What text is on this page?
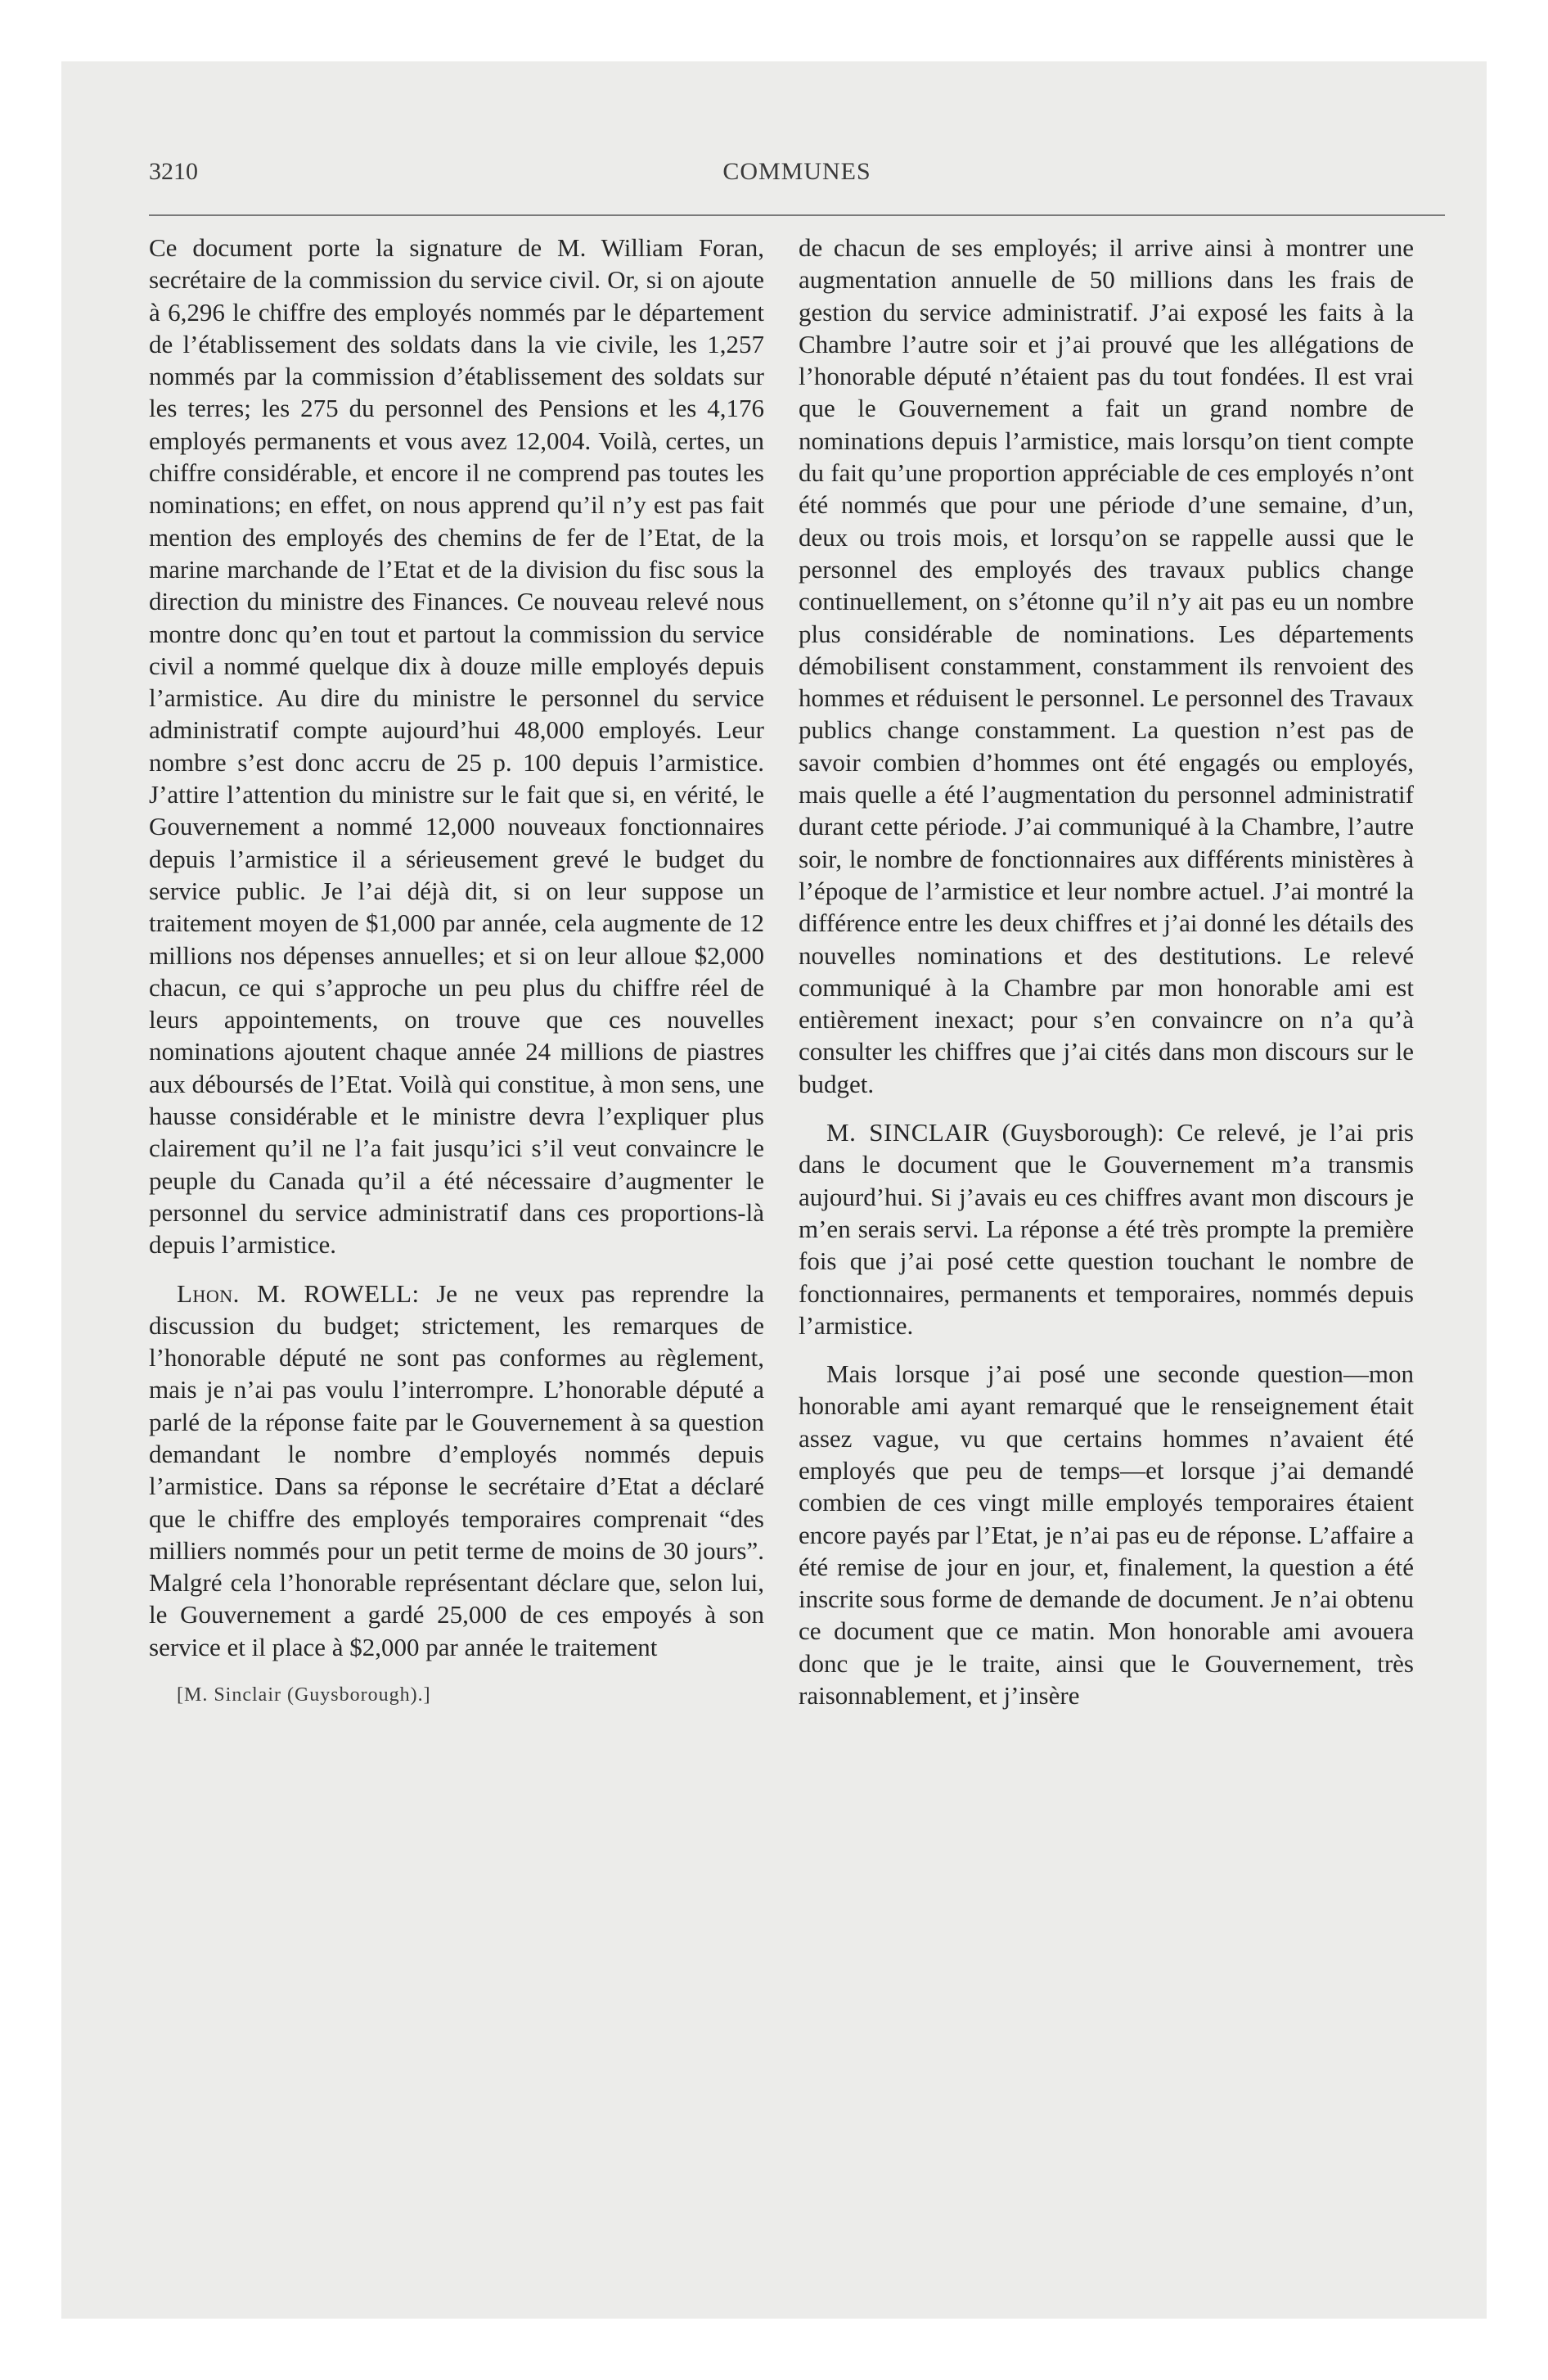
3210	COMMUNES

Ce document porte la signature de M. William Foran, secrétaire de la commission du service civil. Or, si on ajoute à 6,296 le chiffre des employés nommés par le département de l’établissement des soldats dans la vie civile, les 1,257 nommés par la commission d’établissement des soldats sur les terres; les 275 du personnel des Pensions et les 4,176 employés permanents et vous avez 12,004. Voilà, certes, un chiffre considérable, et encore il ne comprend pas toutes les nominations; en effet, on nous apprend qu’il n’y est pas fait mention des employés des chemins de fer de l’Etat, de la marine marchande de l’Etat et de la division du fisc sous la direction du ministre des Finances. Ce nouveau relevé nous montre donc qu’en tout et partout la commission du service civil a nommé quelque dix à douze mille employés depuis l’armistice. Au dire du ministre le personnel du service administratif compte aujourd’hui 48,000 employés. Leur nombre s’est donc accru de 25 p. 100 depuis l’armistice. J’attire l’attention du ministre sur le fait que si, en vérité, le Gouvernement a nommé 12,000 nouveaux fonctionnaires depuis l’armistice il a sérieusement grevé le budget du service public. Je l’ai déjà dit, si on leur suppose un traitement moyen de $1,000 par année, cela augmente de 12 millions nos dépenses annuelles; et si on leur alloue $2,000 chacun, ce qui s’approche un peu plus du chiffre réel de leurs appointements, on trouve que ces nouvelles nominations ajoutent chaque année 24 millions de piastres aux déboursés de l’Etat. Voilà qui constitue, à mon sens, une hausse considérable et le ministre devra l’expliquer plus clairement qu’il ne l’a fait jusqu’ici s’il veut convaincre le peuple du Canada qu’il a été nécessaire d’augmenter le personnel du service administratif dans ces proportions-là depuis l’armistice.

Lhon. M. ROWELL: Je ne veux pas reprendre la discussion du budget; strictement, les remarques de l’honorable député ne sont pas conformes au règlement, mais je n’ai pas voulu l’interrompre. L’honorable député a parlé de la réponse faite par le Gouvernement à sa question demandant le nombre d’employés nommés depuis l’armistice. Dans sa réponse le secrétaire d’Etat a déclaré que le chiffre des employés temporaires comprenait “des milliers nommés pour un petit terme de moins de 30 jours”. Malgré cela l’honorable représentant déclare que, selon lui, le Gouvernement a gardé 25,000 de ces empoyés à son service et il place à $2,000 par année le traitement

[M. Sinclair (Guysborough).]

de chacun de ses employés; il arrive ainsi à montrer une augmentation annuelle de 50 millions dans les frais de gestion du service administratif. J’ai exposé les faits à la Chambre l’autre soir et j’ai prouvé que les allégations de l’honorable député n’étaient pas du tout fondées. Il est vrai que le Gouvernement a fait un grand nombre de nominations depuis l’armistice, mais lorsqu’on tient compte du fait qu’une proportion appréciable de ces employés n’ont été nommés que pour une période d’une semaine, d’un, deux ou trois mois, et lorsqu’on se rappelle aussi que le personnel des employés des travaux publics change continuellement, on s’étonne qu’il n’y ait pas eu un nombre plus considérable de nominations. Les départements démobilisent constamment, constamment ils renvoient des hommes et réduisent le personnel. Le personnel des Travaux publics change constamment. La question n’est pas de savoir combien d’hommes ont été engagés ou employés, mais quelle a été l’augmentation du personnel administratif durant cette période. J’ai communiqué à la Chambre, l’autre soir, le nombre de fonctionnaires aux différents ministères à l’époque de l’armistice et leur nombre actuel. J’ai montré la différence entre les deux chiffres et j’ai donné les détails des nouvelles nominations et des destitutions. Le relevé communiqué à la Chambre par mon honorable ami est entièrement inexact; pour s’en convaincre on n’a qu’à consulter les chiffres que j’ai cités dans mon discours sur le budget.

M. SINCLAIR (Guysborough): Ce relevé, je l’ai pris dans le document que le Gouvernement m’a transmis aujourd’hui. Si j’avais eu ces chiffres avant mon discours je m’en serais servi. La réponse a été très prompte la première fois que j’ai posé cette question touchant le nombre de fonctionnaires, permanents et temporaires, nommés depuis l’armistice.

Mais lorsque j’ai posé une seconde question—mon honorable ami ayant remarqué que le renseignement était assez vague, vu que certains hommes n’avaient été employés que peu de temps—et lorsque j’ai demandé combien de ces vingt mille employés temporaires étaient encore payés par l’Etat, je n’ai pas eu de réponse. L’affaire a été remise de jour en jour, et, finalement, la question a été inscrite sous forme de demande de document. Je n’ai obtenu ce document que ce matin. Mon honorable ami avouera donc que je le traite, ainsi que le Gouvernement, très raisonnablement, et j’insère
